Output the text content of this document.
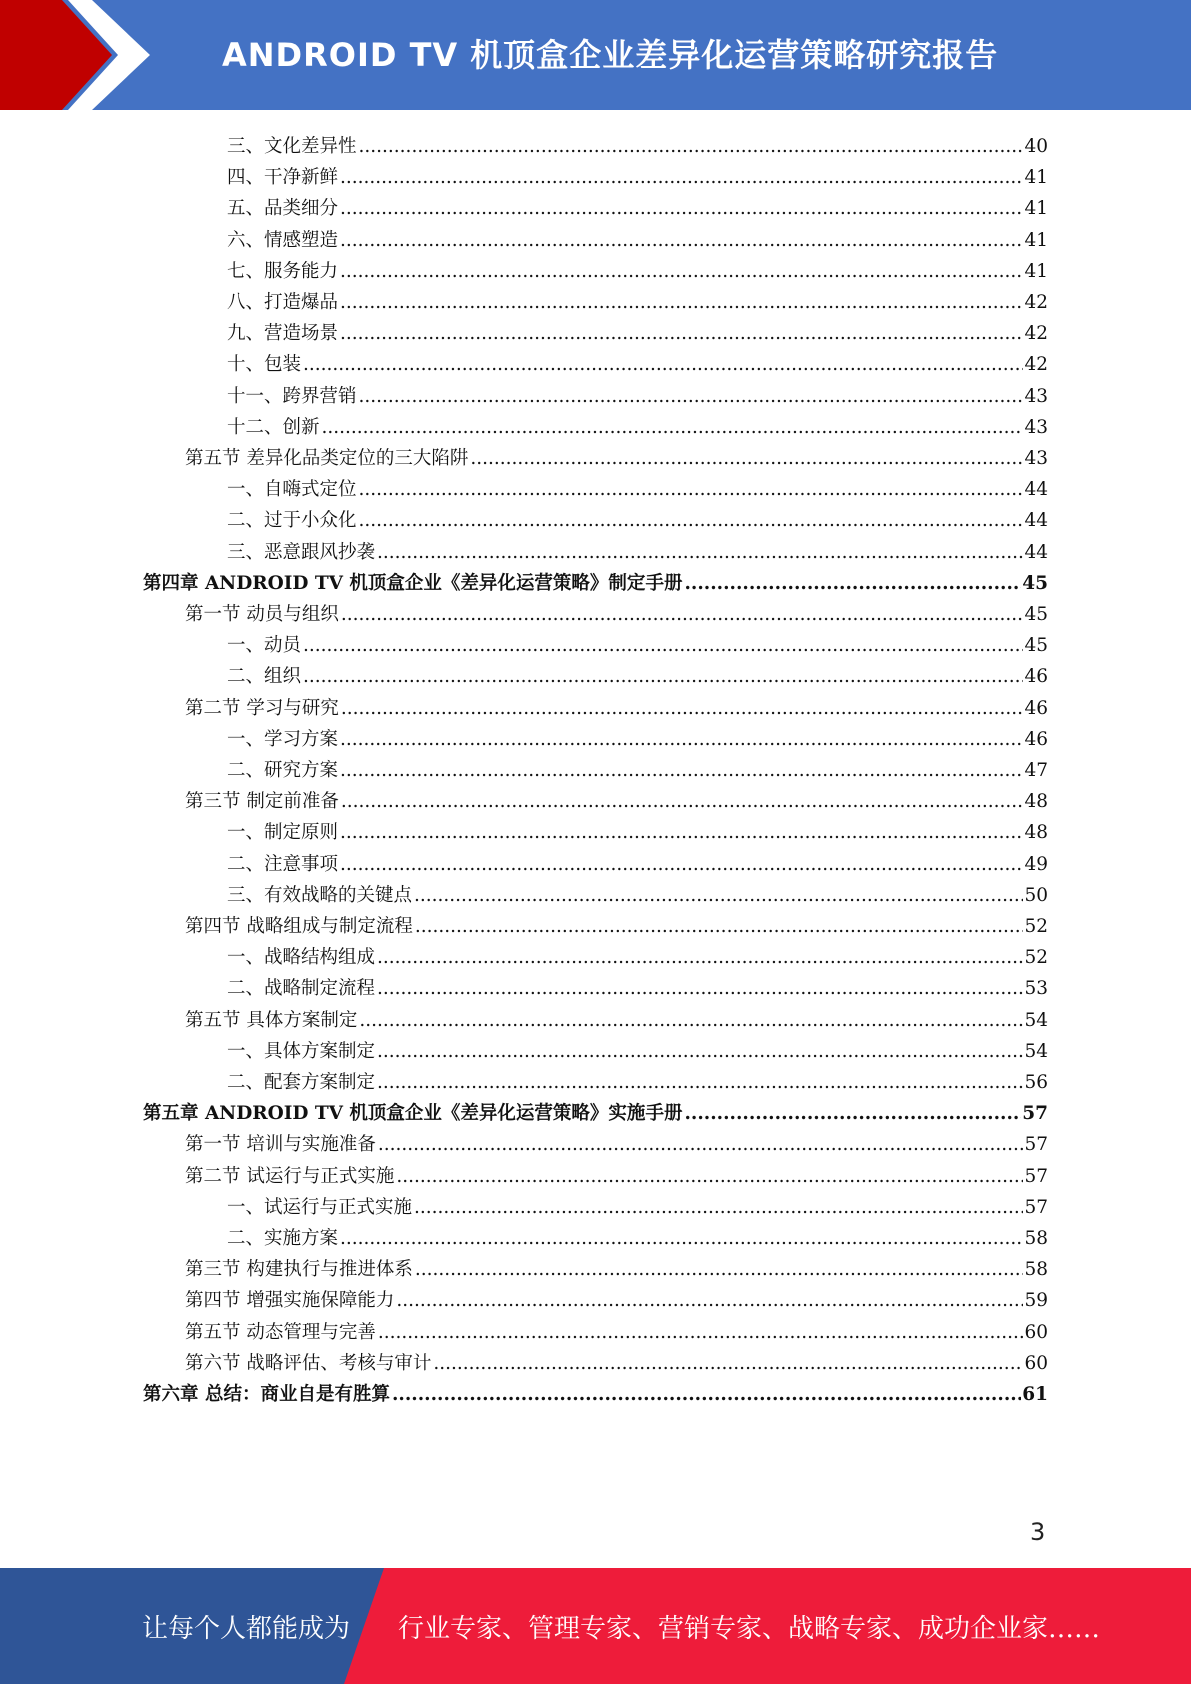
ANDROID TV 机顶盒企业差异化运营策略研究报告
三、文化差异性 .....	40
四、干净新鲜 .....	41
五、品类细分 .....	41
六、情感塑造 .....	41
七、服务能力 .....	41
八、打造爆品 .....	42
九、营造场景 .....	42
十、包装 .....	42
十一、跨界营销 .....	43
十二、创新 .....	43
第五节 差异化品类定位的三大陷阱 .....	43
一、自嗨式定位 .....	44
二、过于小众化 .....	44
三、恶意跟风抄袭 .....	44
第四章 ANDROID TV 机顶盒企业《差异化运营策略》制定手册 .....	45
第一节 动员与组织 .....	45
一、动员 .....	45
二、组织 .....	46
第二节 学习与研究 .....	46
一、学习方案 .....	46
二、研究方案 .....	47
第三节 制定前准备 .....	48
一、制定原则 .....	48
二、注意事项 .....	49
三、有效战略的关键点 .....	50
第四节 战略组成与制定流程 .....	52
一、战略结构组成 .....	52
二、战略制定流程 .....	53
第五节 具体方案制定 .....	54
一、具体方案制定 .....	54
二、配套方案制定 .....	56
第五章 ANDROID TV 机顶盒企业《差异化运营策略》实施手册 .....	57
第一节 培训与实施准备 .....	57
第二节 试运行与正式实施 .....	57
一、试运行与正式实施 .....	57
二、实施方案 .....	58
第三节 构建执行与推进体系 .....	58
第四节 增强实施保障能力 .....	59
第五节 动态管理与完善 .....	60
第六节 战略评估、考核与审计 .....	60
第六章 总结：商业自是有胜算 .....	61
3
让每个人都能成为 行业专家、管理专家、营销专家、战略专家、成功企业家……
